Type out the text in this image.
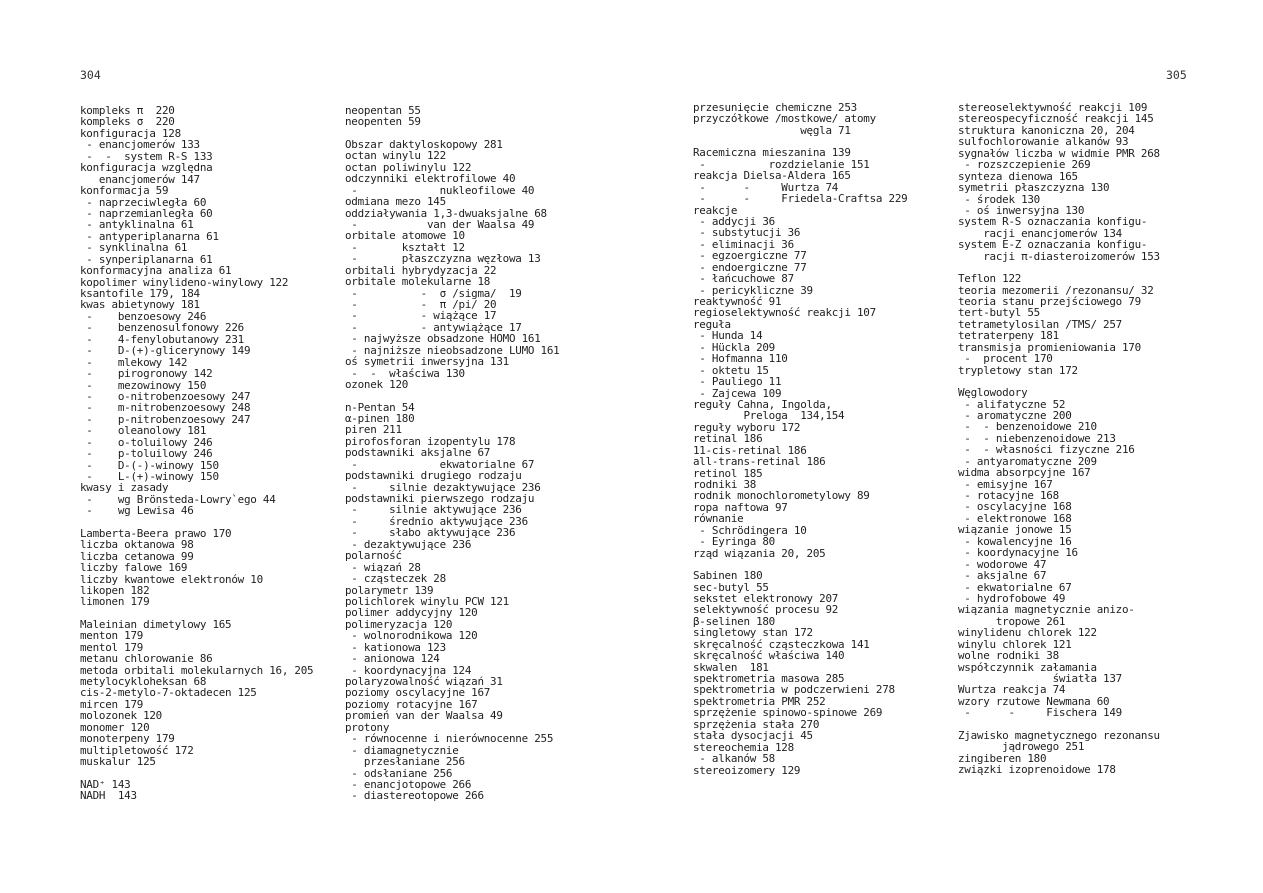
304	305
kompleks π  220
kompleks σ  220
konfiguracja 128
- enancjomerów 133
-  -  system R-S 133
konfiguracja względna
enancjomerów 147
konformacja 59
- naprzeciwległa 60
- naprzemianległa 60
- antyklinalna 61
- antyperiplanarna 61
- synklinalna 61
- synperiplanarna 61
konformacyjna analiza 61
kopolimer winylideno-winylowy 122
ksantofile 179, 184
kwas abietynowy 181
-    benzoesowy 246
-    benzenosulfonowy 226
-    4-fenylobutanowy 231
-    D-(+)-glicerynowy 149
-    mlekowy 142
-    pirogronowy 142
-    mezowinowy 150
-    o-nitrobenzoesowy 247
-    m-nitrobenzoesowy 248
-    p-nitrobenzoesowy 247
-    oleanolowy 181
-    o-toluilowy 246
-    p-toluilowy 246
-    D-(-)-winowy 150
-    L-(+)-winowy 150
kwasy i zasady
-    wg Brönsteda-Lowry`ego 44
-    wg Lewisa 46
Lamberta-Beera prawo 170
liczba oktanowa 98
liczba cetanowa 99
liczby falowe 169
liczby kwantowe elektronów 10
likopen 182
limonen 179
Maleinian dimetylowy 165
menton 179
mentol 179
metanu chlorowanie 86
metoda orbitali molekularnych 16, 205
metylocykloheksan 68
cis-2-metylo-7-oktadecen 125
mircen 179
molozonek 120
monomer 120
monoterpeny 179
multipletowość 172
muskalur 125
NAD⁺ 143
NADH  143
neopentan 55
neopenten 59
Obszar daktyloskopowy 281
octan winylu 122
octan poliwinylu 122
odczynniki elektrofilowe 40
-             nukleofilowe 40
odmiana mezo 145
oddziaływania 1,3-dwuaksjalne 68
-           van der Waalsa 49
orbitale atomowe 10
-       kształt 12
-       płaszczyzna węzłowa 13
orbitali hybrydyzacja 22
orbitale molekularne 18
-          -  σ /sigma/  19
-          -  π /pi/ 20
-          - wiążące 17
-          - antywiążące 17
- najwyższe obsadzone HOMO 161
- najniższe nieobsadzone LUMO 161
oś symetrii inwersyjna 131
-  -  właściwa 130
ozonek 120
n-Pentan 54
α-pinen 180
piren 211
pirofosforan izopentylu 178
podstawniki aksjalne 67
-             ekwatorialne 67
podstawniki drugiego rodzaju
-     silnie dezaktywujące 236
podstawniki pierwszego rodzaju
-     silnie aktywujące 236
-     średnio aktywujące 236
-     słabo aktywujące 236
- dezaktywujące 236
polarność
- wiązań 28
- cząsteczek 28
polarymetr 139
polichlorek winylu PCW 121
polimer addycyjny 120
polimeryzacja 120
- wolnorodnikowa 120
- kationowa 123
- anionowa 124
- koordynacyjna 124
polaryzowalność wiązań 31
poziomy oscylacyjne 167
poziomy rotacyjne 167
promień van der Waalsa 49
protony
- równocenne i nierównocenne 255
- diamagnetycznie
przesłaniane 256
- odsłaniane 256
- enancjotopowe 266
- diastereotopowe 266
przesunięcie chemiczne 253
przyczółkowe /mostkowe/ atomy
węgla 71
Racemiczna mieszanina 139
-          rozdzielanie 151
reakcja Dielsa-Aldera 165
-      -     Wurtza 74
-      -     Friedela-Craftsa 229
reakcje
- addycji 36
- substytucji 36
- eliminacji 36
- egzoergiczne 77
- endoergiczne 77
- łańcuchowe 87
- pericykliczne 39
reaktywność 91
regioselektywność reakcji 107
reguła
- Hunda 14
- Hückla 209
- Hofmanna 110
- oktetu 15
- Pauliego 11
- Zajcewa 109
reguły Cahna, Ingolda,
Preloga  134,154
reguły wyboru 172
retinal 186
11-cis-retinal 186
all-trans-retinal 186
retinol 185
rodniki 38
rodnik monochlorometylowy 89
ropa naftowa 97
równanie
- Schrödingera 10
- Eyringa 80
rząd wiązania 20, 205
Sabinen 180
sec-butyl 55
sekstet elektronowy 207
selektywność procesu 92
β-selinen 180
singletowy stan 172
skręcalność cząsteczkowa 141
skręcalność właściwa 140
skwalen  181
spektrometria masowa 285
spektrometria w podczerwieni 278
spektrometria PMR 252
sprzężenie spinowo-spinowe 269
sprzężenia stała 270
stała dysocjacji 45
stereochemia 128
- alkanów 58
stereoizomery 129
stereoselektywność reakcji 109
stereospecyficzność reakcji 145
struktura kanoniczna 20, 204
sulfochlorowanie alkanów 93
sygnałów liczba w widmie PMR 268
- rozszczepienie 269
synteza dienowa 165
symetrii płaszczyzna 130
- środek 130
- oś inwersyjna 130
system R-S oznaczania konfigu-
racji enancjomerów 134
system E-Z oznaczania konfigu-
racji π-diasteroizomerów 153
Teflon 122
teoria mezomerii /rezonansu/ 32
teoria stanu przejściowego 79
tert-butyl 55
tetrametylosilan /TMS/ 257
tetraterpeny 181
transmisja promieniowania 170
-  procent 170
trypletowy stan 172
Węglowodory
- alifatyczne 52
- aromatyczne 200
-  - benzenoidowe 210
-  - niebenzenoidowe 213
-  - własności fizyczne 216
- antyaromatyczne 209
widma absorpcyjne 167
- emisyjne 167
- rotacyjne 168
- oscylacyjne 168
- elektronowe 168
wiązanie jonowe 15
- kowalencyjne 16
- koordynacyjne 16
- wodorowe 47
- aksjalne 67
- ekwatorialne 67
- hydrofobowe 49
wiązania magnetycznie anizo-
tropowe 261
winylidenu chlorek 122
winylu chlorek 121
wolne rodniki 38
współczynnik załamania
światła 137
Wurtza reakcja 74
wzory rzutowe Newmana 60
-      -     Fischera 149
Zjawisko magnetycznego rezonansu
jądrowego 251
zingiberen 180
związki izoprenoidowe 178
